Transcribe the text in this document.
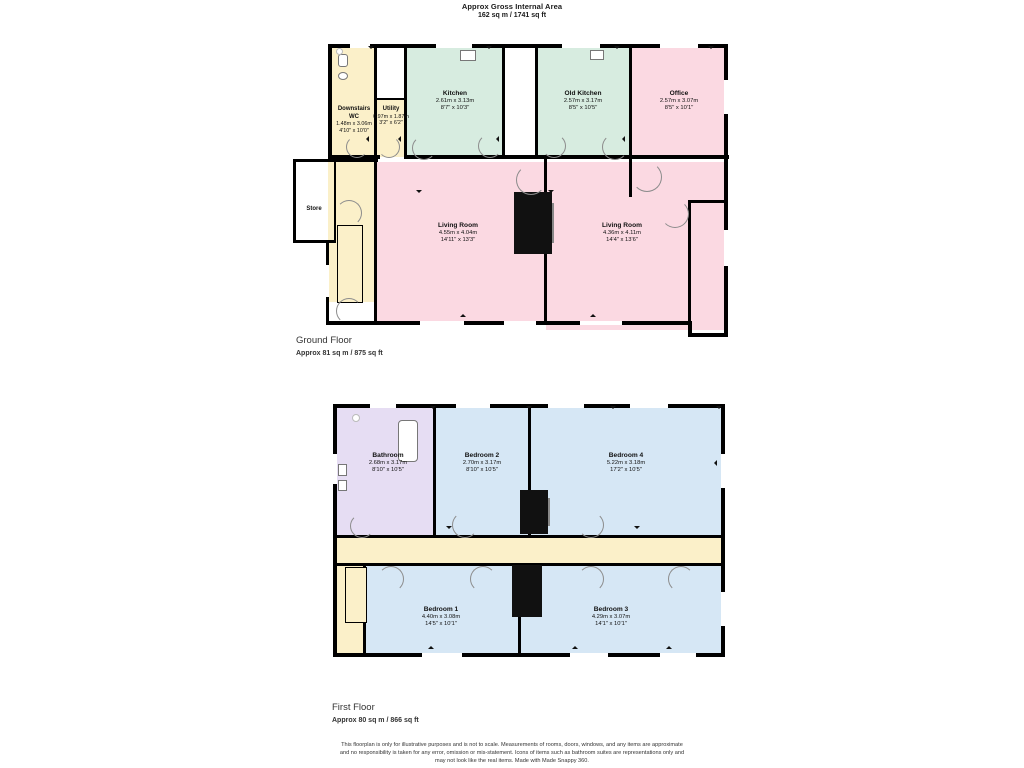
Approx Gross Internal Area
162 sq m / 1741 sq ft
Downstairs
WC
1.48m x 3.06m
4'10" x 10'0"
Utility
0.97m x 1.87m
3'2" x 6'2"
Kitchen
2.61m x 3.13m
8'7" x 10'3"
Old Kitchen
2.57m x 3.17m
8'5" x 10'5"
Office
2.57m x 3.07m
8'5" x 10'1"
Living Room
4.55m x 4.04m
14'11" x 13'3"
Living Room
4.36m x 4.11m
14'4" x 13'6"
Store
Ground Floor
Approx 81 sq m / 875 sq ft
Bathroom
2.68m x 3.17m
8'10" x 10'5"
Bedroom 2
2.70m x 3.17m
8'10" x 10'5"
Bedroom 4
5.22m x 3.18m
17'2" x 10'5"
Bedroom 1
4.40m x 3.08m
14'5" x 10'1"
Bedroom 3
4.29m x 3.07m
14'1" x 10'1"
First Floor
Approx 80 sq m / 866 sq ft
This floorplan is only for illustrative purposes and is not to scale. Measurements of rooms, doors, windows, and any items are approximate
and no responsibility is taken for any error, omission or mis-statement. Icons of items such as bathroom suites are representations only and
may not look like the real items. Made with Made Snappy 360.
